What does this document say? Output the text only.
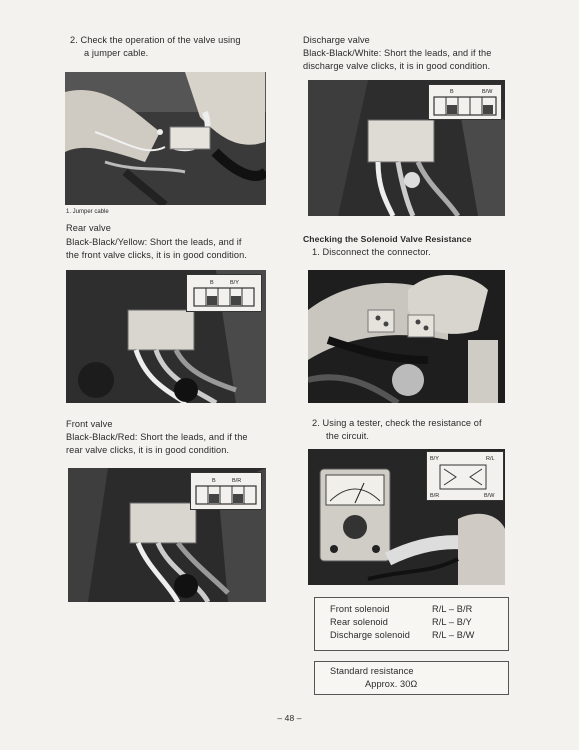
2. Check the operation of the valve using
a jumper cable.
1. Jumper cable
Rear valve
Black-Black/Yellow: Short the leads, and if
the front valve clicks, it is in good condition.
B	B/Y
Front valve
Black-Black/Red: Short the leads, and if the
rear valve clicks, it is in good condition.
B	B/R
Discharge valve
Black-Black/White: Short the leads, and if the
discharge valve clicks, it is in good condition.
B	B/W
Checking the Solenoid Valve Resistance
1. Disconnect the connector.
2. Using a tester, check the resistance of
the circuit.
B/Y	R/L
B/R	B/W
Front solenoid	R/L – B/R
Rear solenoid	R/L – B/Y
Discharge solenoid R/L – B/W
Standard resistance
Approx. 30Ω
– 48 –
